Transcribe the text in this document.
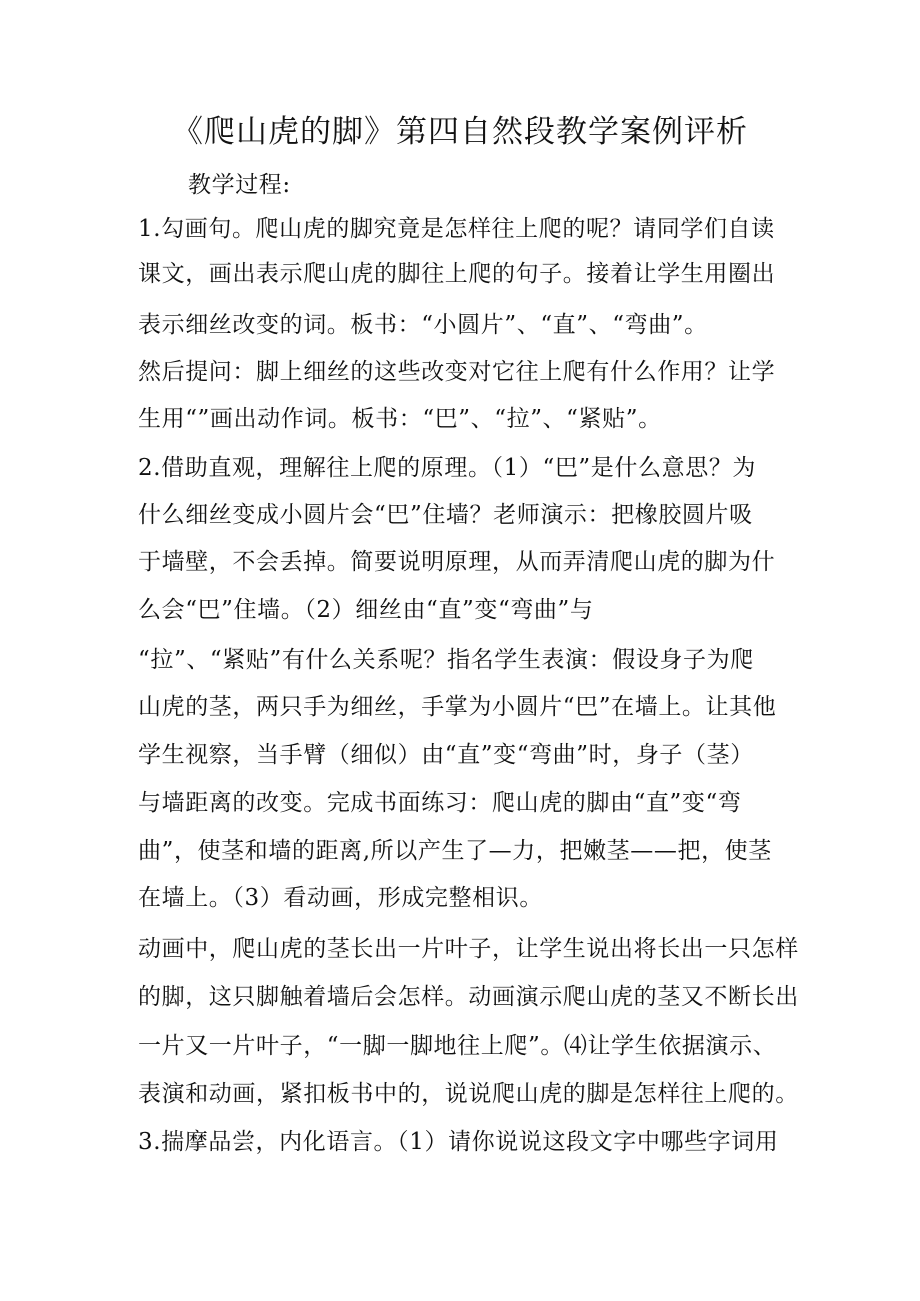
《爬山虎的脚》第四自然段教学案例评析
教学过程:
1.勾画句。爬山虎的脚究竟是怎样往上爬的呢？请同学们自读
课文，画出表示爬山虎的脚往上爬的句子。接着让学生用圈出
表示细丝改变的词。板书：“小圆片”、“直”、“弯曲”。
然后提问：脚上细丝的这些改变对它往上爬有什么作用？让学
生用“”画出动作词。板书：“巴”、“拉”、“紧贴”。
2.借助直观，理解往上爬的原理。（1）“巴”是什么意思？为
什么细丝变成小圆片会“巴”住墙？老师演示：把橡胶圆片吸
于墙壁，不会丢掉。简要说明原理，从而弄清爬山虎的脚为什
么会“巴”住墙。（2）细丝由“直”变“弯曲”与
“拉”、“紧贴”有什么关系呢？指名学生表演：假设身子为爬
山虎的茎，两只手为细丝，手掌为小圆片“巴”在墙上。让其他
学生视察，当手臂（细似）由“直”变“弯曲”时，身子（茎）
与墙距离的改变。完成书面练习：爬山虎的脚由“直”变“弯
曲”，使茎和墙的距离,所以产生了—力，把嫩茎——把，使茎
在墙上。（3）看动画，形成完整相识。
动画中，爬山虎的茎长出一片叶子，让学生说出将长出一只怎样
的脚，这只脚触着墙后会怎样。动画演示爬山虎的茎又不断长出
一片又一片叶子，“一脚一脚地往上爬”。⑷让学生依据演示、
表演和动画，紧扣板书中的，说说爬山虎的脚是怎样往上爬的。
3.揣摩品尝，内化语言。（1）请你说说这段文字中哪些字词用
